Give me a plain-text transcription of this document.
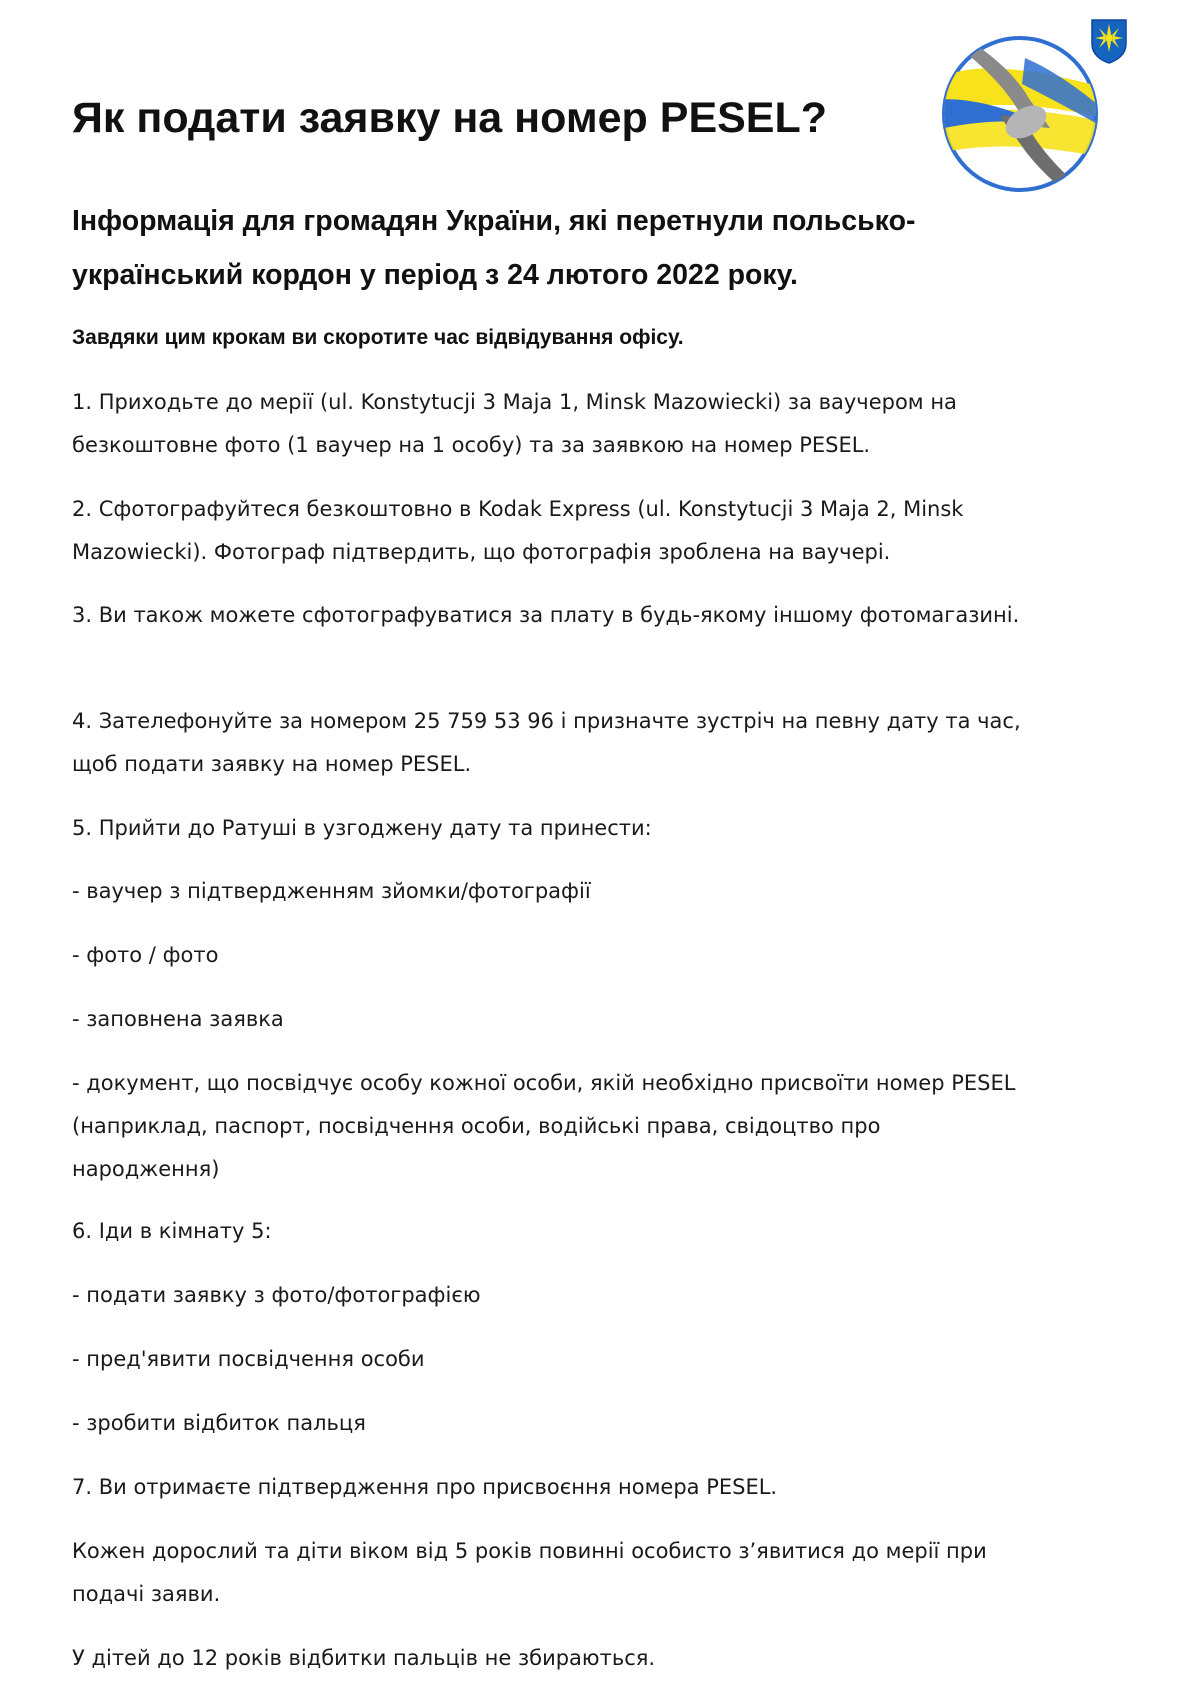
Як подати заявку на номер PESEL?
Інформація для громадян України, які перетнули польсько-український кордон у період з 24 лютого 2022 року.

Завдяки цим крокам ви скоротите час відвідування офісу.

1. Приходьте до мерії (ul. Konstytucji 3 Maja 1, Minsk Mazowiecki) за ваучером на безкоштовне фото (1 ваучер на 1 особу) та за заявкою на номер PESEL.

2. Сфотографуйтеся безкоштовно в Kodak Express (ul. Konstytucji 3 Maja 2, Minsk Mazowiecki). Фотограф підтвердить, що фотографія зроблена на ваучері.

3. Ви також можете сфотографуватися за плату в будь-якому іншому фотомагазині.

4. Зателефонуйте за номером 25 759 53 96 і призначте зустріч на певну дату та час, щоб подати заявку на номер PESEL.

5. Прийти до Ратуші в узгоджену дату та принести:

- ваучер з підтвердженням зйомки/фотографії

- фото / фото

- заповнена заявка

- документ, що посвідчує особу кожної особи, якій необхідно присвоїти номер PESEL (наприклад, паспорт, посвідчення особи, водійські права, свідоцтво про народження)

6. Іди в кімнату 5:

- подати заявку з фото/фотографією

- пред'явити посвідчення особи

- зробити відбиток пальця

7. Ви отримаєте підтвердження про присвоєння номера PESEL.

Кожен дорослий та діти віком від 5 років повинні особисто з’явитися до мерії при подачі заяви.

У дітей до 12 років відбитки пальців не збираються.
